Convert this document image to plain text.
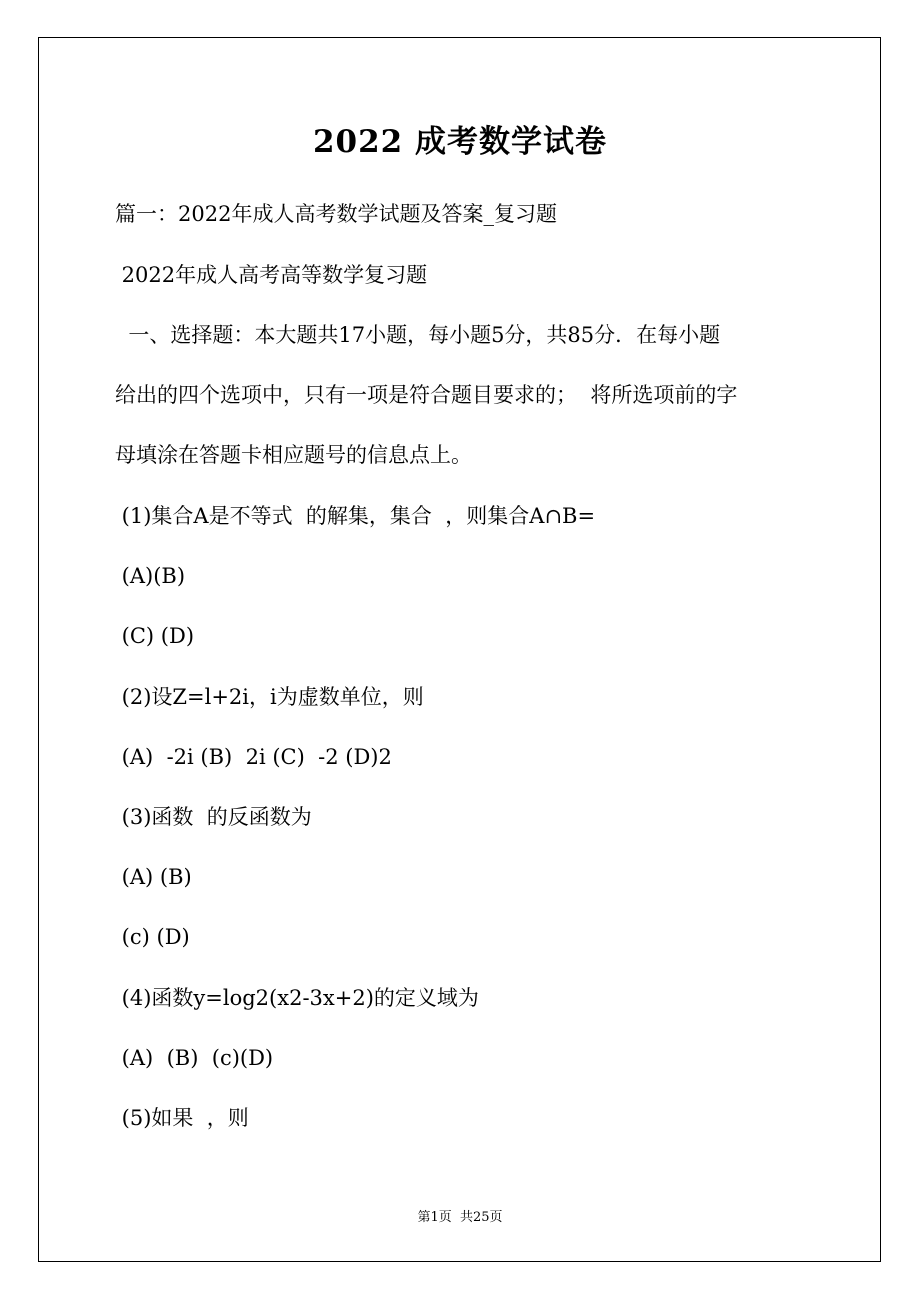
2022 成考数学试卷
篇一：2022年成人高考数学试题及答案_复习题
2022年成人高考高等数学复习题
一、选择题：本大题共17小题，每小题5分，共85分．在每小题
给出的四个选项中，只有一项是符合题目要求的；  将所选项前的字
母填涂在答题卡相应题号的信息点上。
(1)集合A是不等式  的解集，集合  ，则集合A∩B=
(A)(B)
(C) (D)
(2)设Z=l+2i，i为虚数单位，则
(A)  -2i (B)  2i (C)  -2 (D)2
(3)函数  的反函数为
(A) (B)
(c) (D)
(4)函数y=log2(x2-3x+2)的定义域为
(A)  (B)  (c)(D)
(5)如果  ，则
第1页  共25页
